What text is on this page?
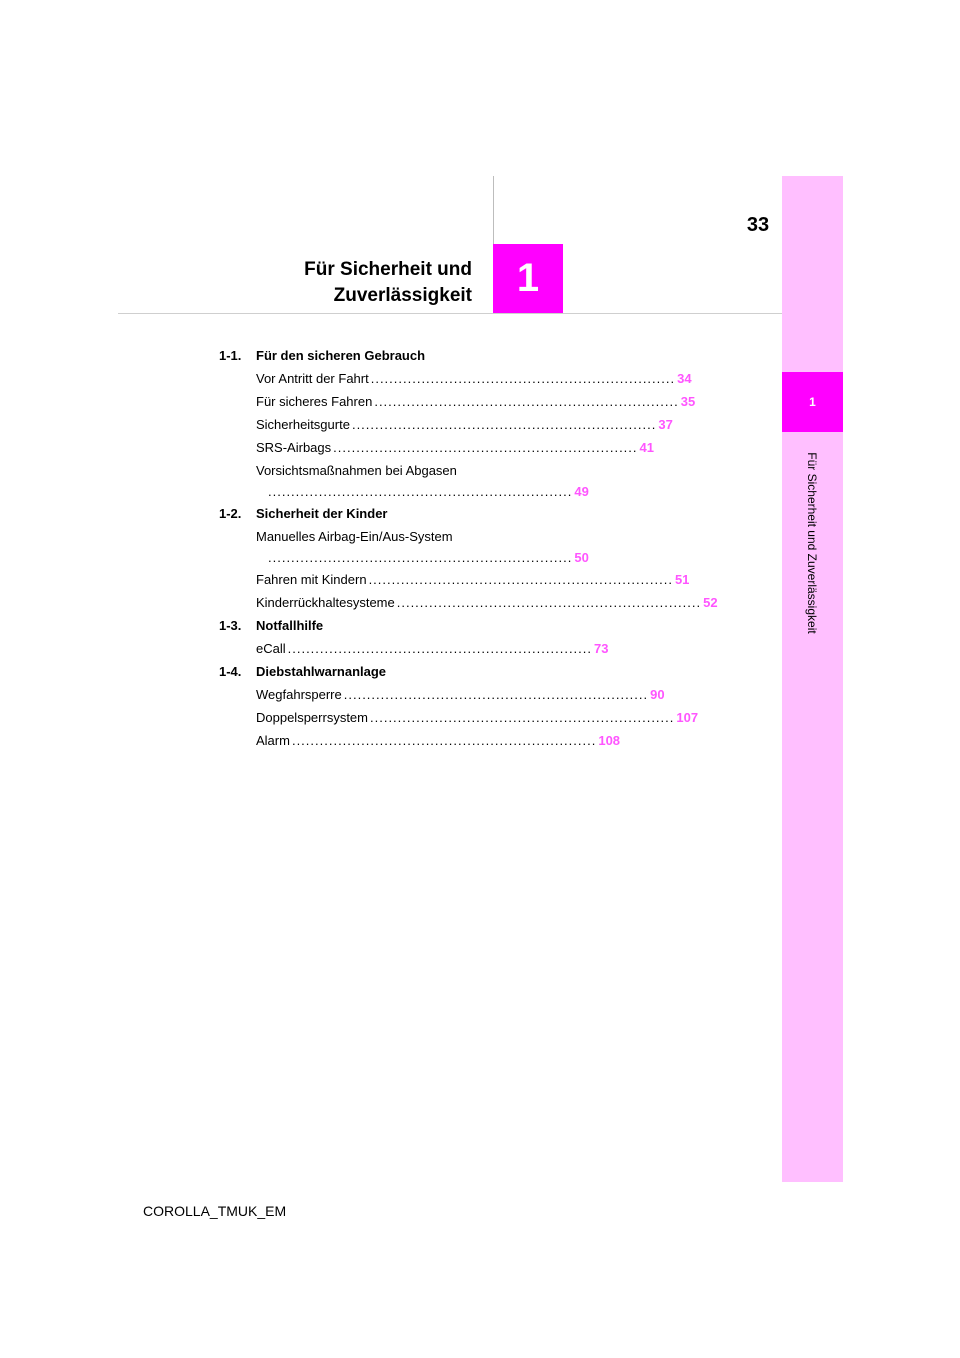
33
Für Sicherheit und
Zuverlässigkeit 1
1
Für Sicherheit und Zuverlässigkeit
1-1.	Für den sicheren Gebrauch
Vor Antritt der Fahrt .................................................................. 34
Für sicheres Fahren .................................................................. 35
Sicherheitsgurte .................................................................. 37
SRS-Airbags .................................................................. 41
Vorsichtsmaßnahmen bei Abgasen
.................................................................. 49
1-2.	Sicherheit der Kinder
Manuelles Airbag-Ein/Aus-System
.................................................................. 50
Fahren mit Kindern .................................................................. 51
Kinderrückhaltesysteme .................................................................. 52
1-3.	Notfallhilfe
eCall .................................................................. 73
1-4.	Diebstahlwarnanlage
Wegfahrsperre .................................................................. 90
Doppelsperrsystem .................................................................. 107
Alarm .................................................................. 108
COROLLA_TMUK_EM
